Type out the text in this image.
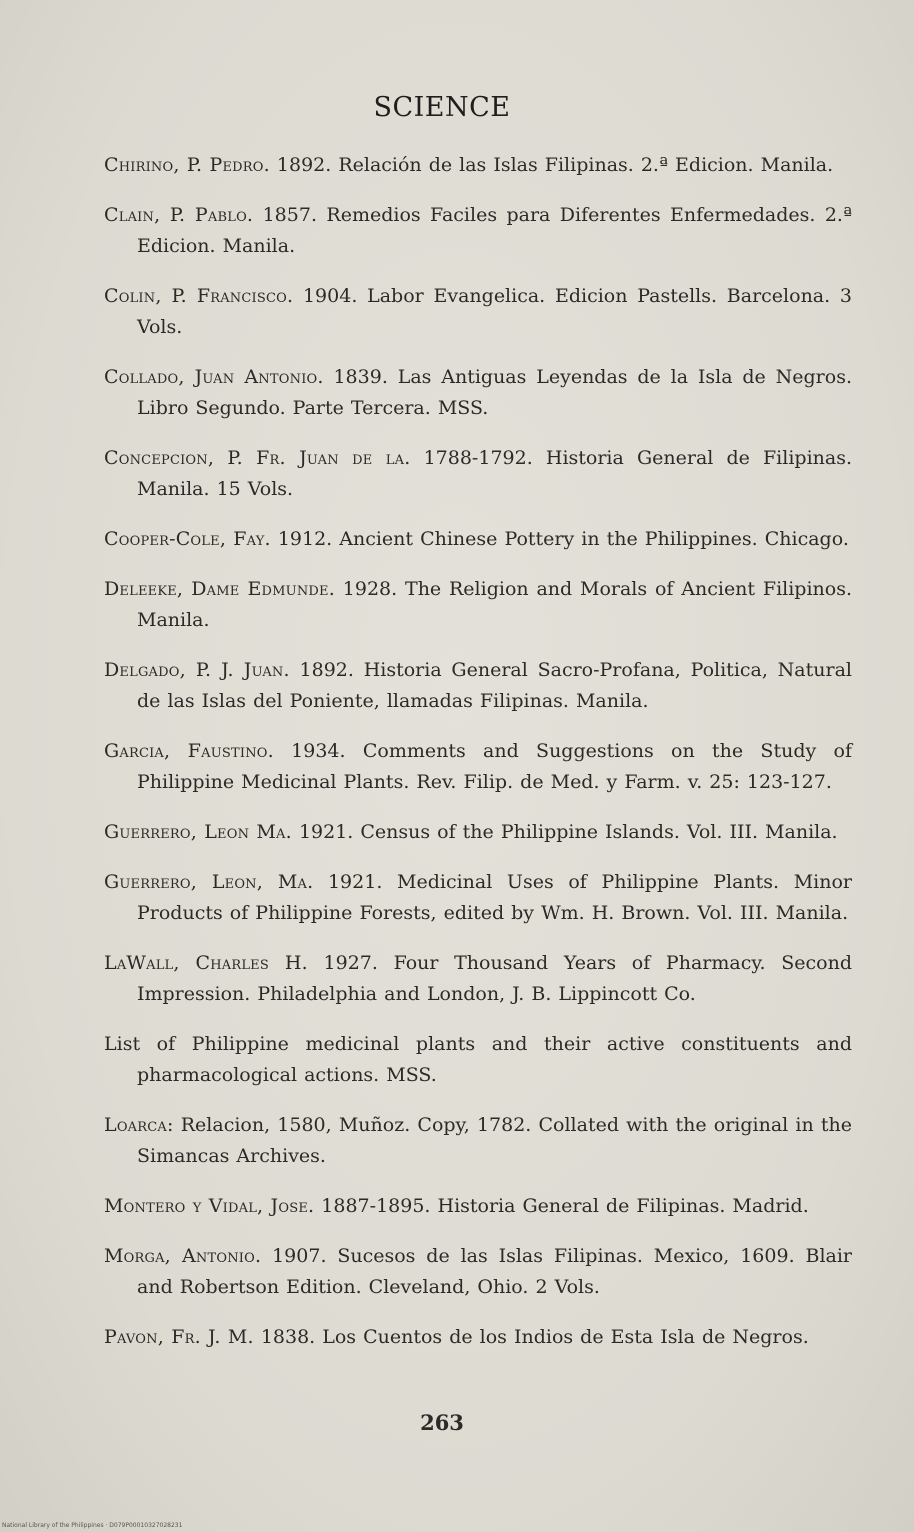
SCIENCE

Chirino, P. Pedro. 1892. Relación de las Islas Filipinas. 2.ª Edicion. Manila.

Clain, P. Pablo. 1857. Remedios Faciles para Diferentes Enfermedades. 2.ª Edicion. Manila.

Colin, P. Francisco. 1904. Labor Evangelica. Edicion Pastells. Barcelona. 3 Vols.

Collado, Juan Antonio. 1839. Las Antiguas Leyendas de la Isla de Negros. Libro Segundo. Parte Tercera. MSS.

Concepcion, P. Fr. Juan de la. 1788-1792. Historia General de Filipinas. Manila. 15 Vols.

Cooper-Cole, Fay. 1912. Ancient Chinese Pottery in the Philippines. Chicago.

Deleeke, Dame Edmunde. 1928. The Religion and Morals of Ancient Filipinos. Manila.

Delgado, P. J. Juan. 1892. Historia General Sacro-Profana, Politica, Natural de las Islas del Poniente, llamadas Filipinas. Manila.

Garcia, Faustino. 1934. Comments and Suggestions on the Study of Philippine Medicinal Plants. Rev. Filip. de Med. y Farm. v. 25: 123-127.

Guerrero, Leon Ma. 1921. Census of the Philippine Islands. Vol. III. Manila.

Guerrero, Leon, Ma. 1921. Medicinal Uses of Philippine Plants. Minor Products of Philippine Forests, edited by Wm. H. Brown. Vol. III. Manila.

LaWall, Charles H. 1927. Four Thousand Years of Pharmacy. Second Impression. Philadelphia and London, J. B. Lippincott Co.

List of Philippine medicinal plants and their active constituents and pharmacological actions. MSS.

Loarca: Relacion, 1580, Muñoz. Copy, 1782. Collated with the original in the Simancas Archives.

Montero y Vidal, Jose. 1887-1895. Historia General de Filipinas. Madrid.

Morga, Antonio. 1907. Sucesos de las Islas Filipinas. Mexico, 1609. Blair and Robertson Edition. Cleveland, Ohio. 2 Vols.

Pavon, Fr. J. M. 1838. Los Cuentos de los Indios de Esta Isla de Negros.

263
National Library of the Philippines · D079P00010327028231
